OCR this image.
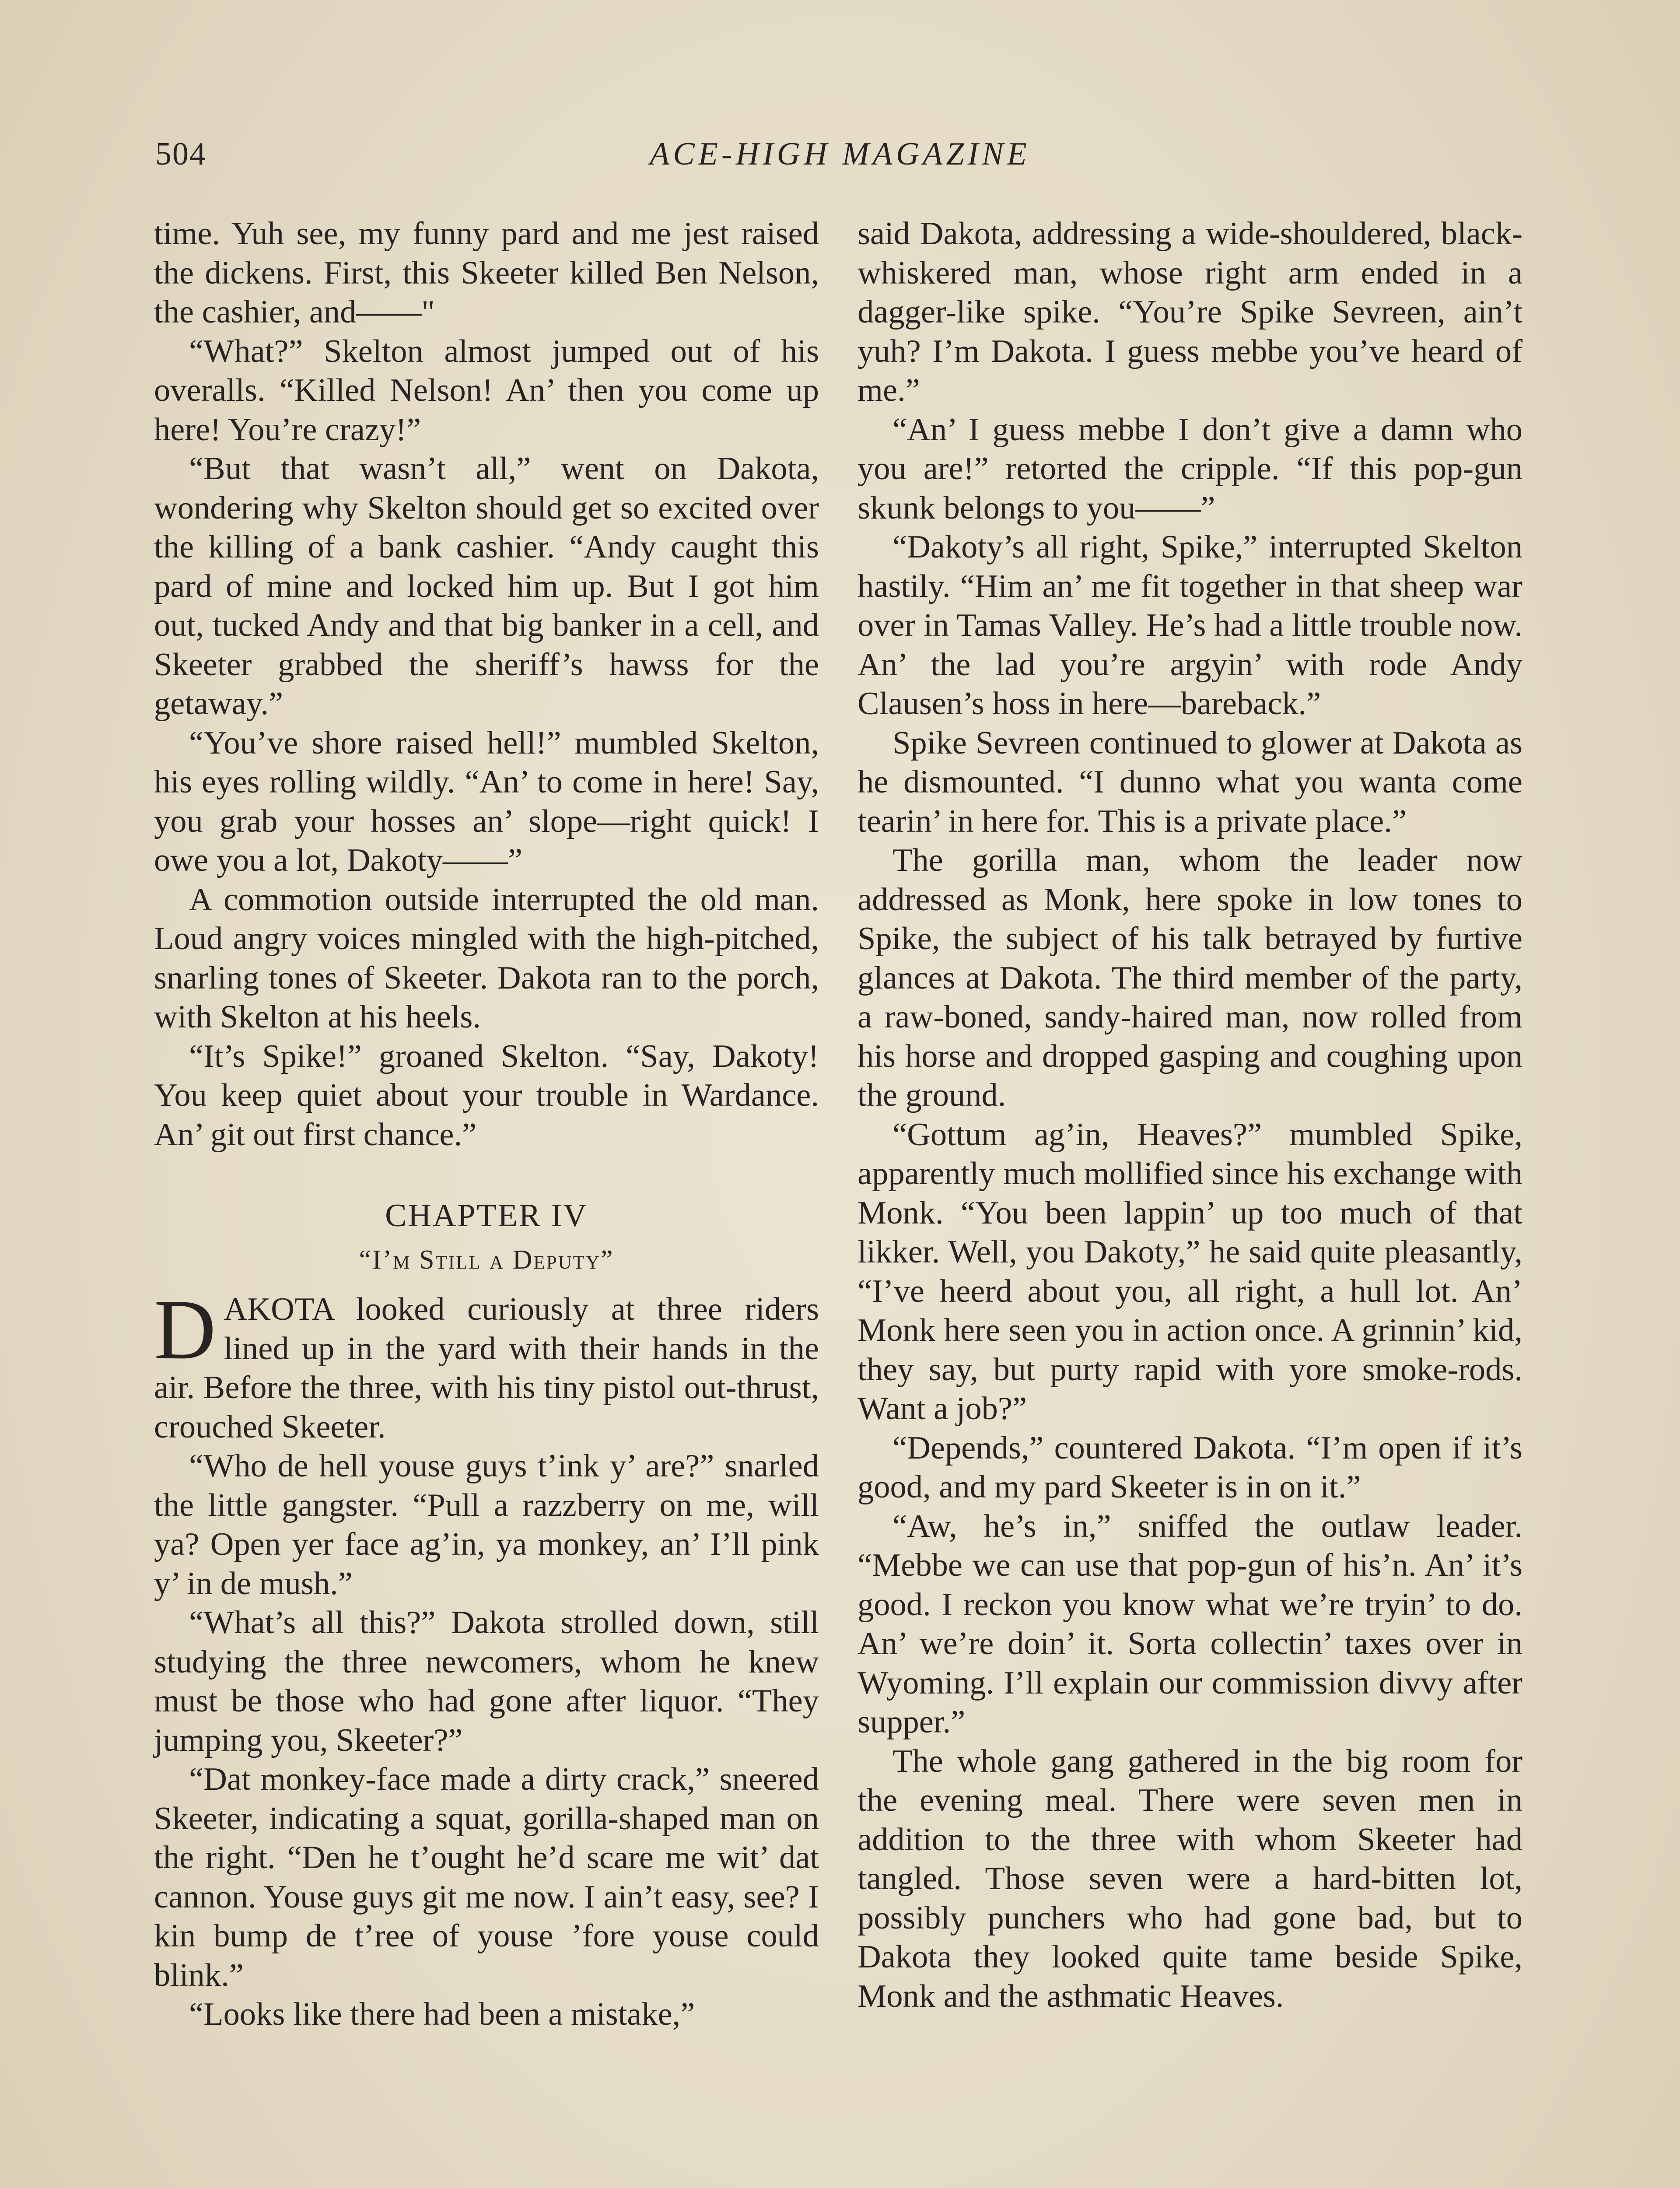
504	ACE-HIGH MAGAZINE

time. Yuh see, my funny pard and me jest raised the dickens. First, this Skeeter killed Ben Nelson, the cashier, and——"

“What?” Skelton almost jumped out of his overalls. “Killed Nelson! An’ then you come up here! You’re crazy!”

“But that wasn’t all,” went on Dakota, wondering why Skelton should get so excited over the killing of a bank cashier. “Andy caught this pard of mine and locked him up. But I got him out, tucked Andy and that big banker in a cell, and Skeeter grabbed the sheriff’s hawss for the getaway.”

“You’ve shore raised hell!” mumbled Skelton, his eyes rolling wildly. “An’ to come in here! Say, you grab your hosses an’ slope—right quick! I owe you a lot, Dakoty——”

A commotion outside interrupted the old man. Loud angry voices mingled with the high-pitched, snarling tones of Skeeter. Dakota ran to the porch, with Skelton at his heels.

“It’s Spike!” groaned Skelton. “Say, Dakoty! You keep quiet about your trouble in Wardance. An’ git out first chance.”

CHAPTER IV
“I’m Still a Deputy”

DAKOTA looked curiously at three riders lined up in the yard with their hands in the air. Before the three, with his tiny pistol out-thrust, crouched Skeeter.

“Who de hell youse guys t’ink y’ are?” snarled the little gangster. “Pull a razzberry on me, will ya? Open yer face ag’in, ya monkey, an’ I’ll pink y’ in de mush.”

“What’s all this?” Dakota strolled down, still studying the three newcomers, whom he knew must be those who had gone after liquor. “They jumping you, Skeeter?”

“Dat monkey-face made a dirty crack,” sneered Skeeter, indicating a squat, gorilla-shaped man on the right. “Den he t’ought he’d scare me wit’ dat cannon. Youse guys git me now. I ain’t easy, see? I kin bump de t’ree of youse ’fore youse could blink.”

“Looks like there had been a mistake,”

said Dakota, addressing a wide-shouldered, black-whiskered man, whose right arm ended in a dagger-like spike. “You’re Spike Sevreen, ain’t yuh? I’m Dakota. I guess mebbe you’ve heard of me.”

“An’ I guess mebbe I don’t give a damn who you are!” retorted the cripple. “If this pop-gun skunk belongs to you——”

“Dakoty’s all right, Spike,” interrupted Skelton hastily. “Him an’ me fit together in that sheep war over in Tamas Valley. He’s had a little trouble now. An’ the lad you’re argyin’ with rode Andy Clausen’s hoss in here—bareback.”

Spike Sevreen continued to glower at Dakota as he dismounted. “I dunno what you wanta come tearin’ in here for. This is a private place.”

The gorilla man, whom the leader now addressed as Monk, here spoke in low tones to Spike, the subject of his talk betrayed by furtive glances at Dakota. The third member of the party, a raw-boned, sandy-haired man, now rolled from his horse and dropped gasping and coughing upon the ground.

“Gottum ag’in, Heaves?” mumbled Spike, apparently much mollified since his exchange with Monk. “You been lappin’ up too much of that likker. Well, you Dakoty,” he said quite pleasantly, “I’ve heerd about you, all right, a hull lot. An’ Monk here seen you in action once. A grinnin’ kid, they say, but purty rapid with yore smoke-rods. Want a job?”

“Depends,” countered Dakota. “I’m open if it’s good, and my pard Skeeter is in on it.”

“Aw, he’s in,” sniffed the outlaw leader. “Mebbe we can use that pop-gun of his’n. An’ it’s good. I reckon you know what we’re tryin’ to do. An’ we’re doin’ it. Sorta collectin’ taxes over in Wyoming. I’ll explain our commission divvy after supper.”

The whole gang gathered in the big room for the evening meal. There were seven men in addition to the three with whom Skeeter had tangled. Those seven were a hard-bitten lot, possibly punchers who had gone bad, but to Dakota they looked quite tame beside Spike, Monk and the asthmatic Heaves.
